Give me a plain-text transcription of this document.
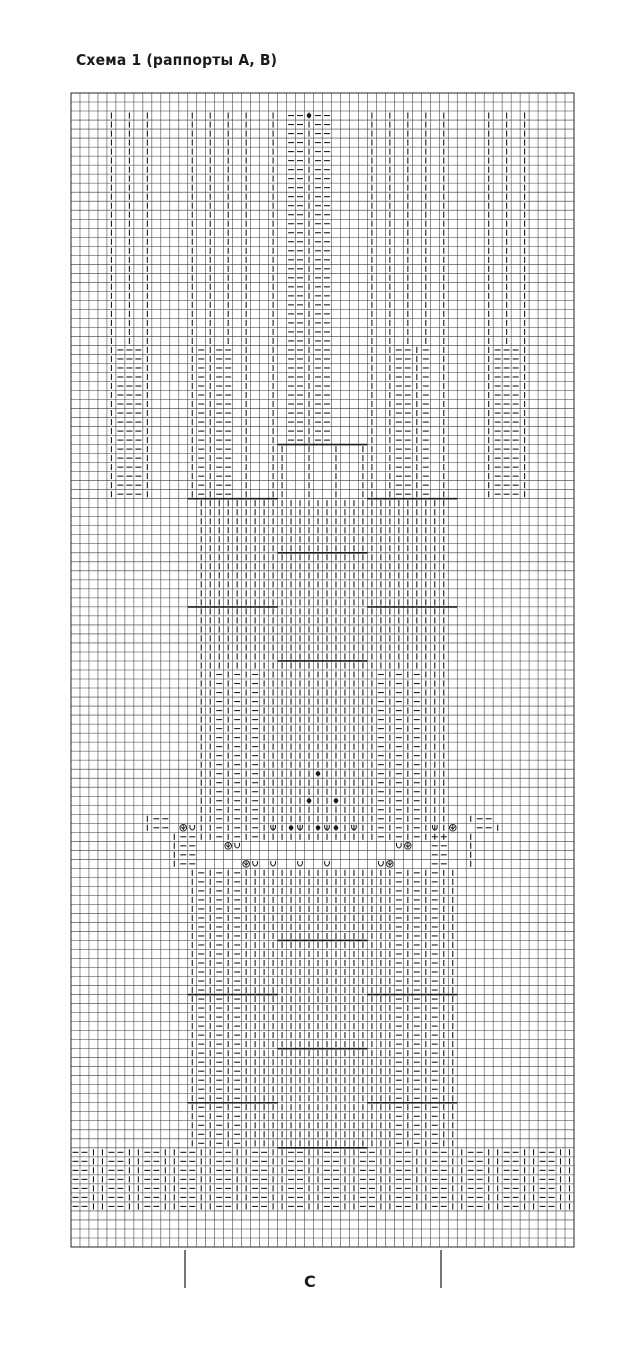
Схема 1 (раппорты А, В)
С
